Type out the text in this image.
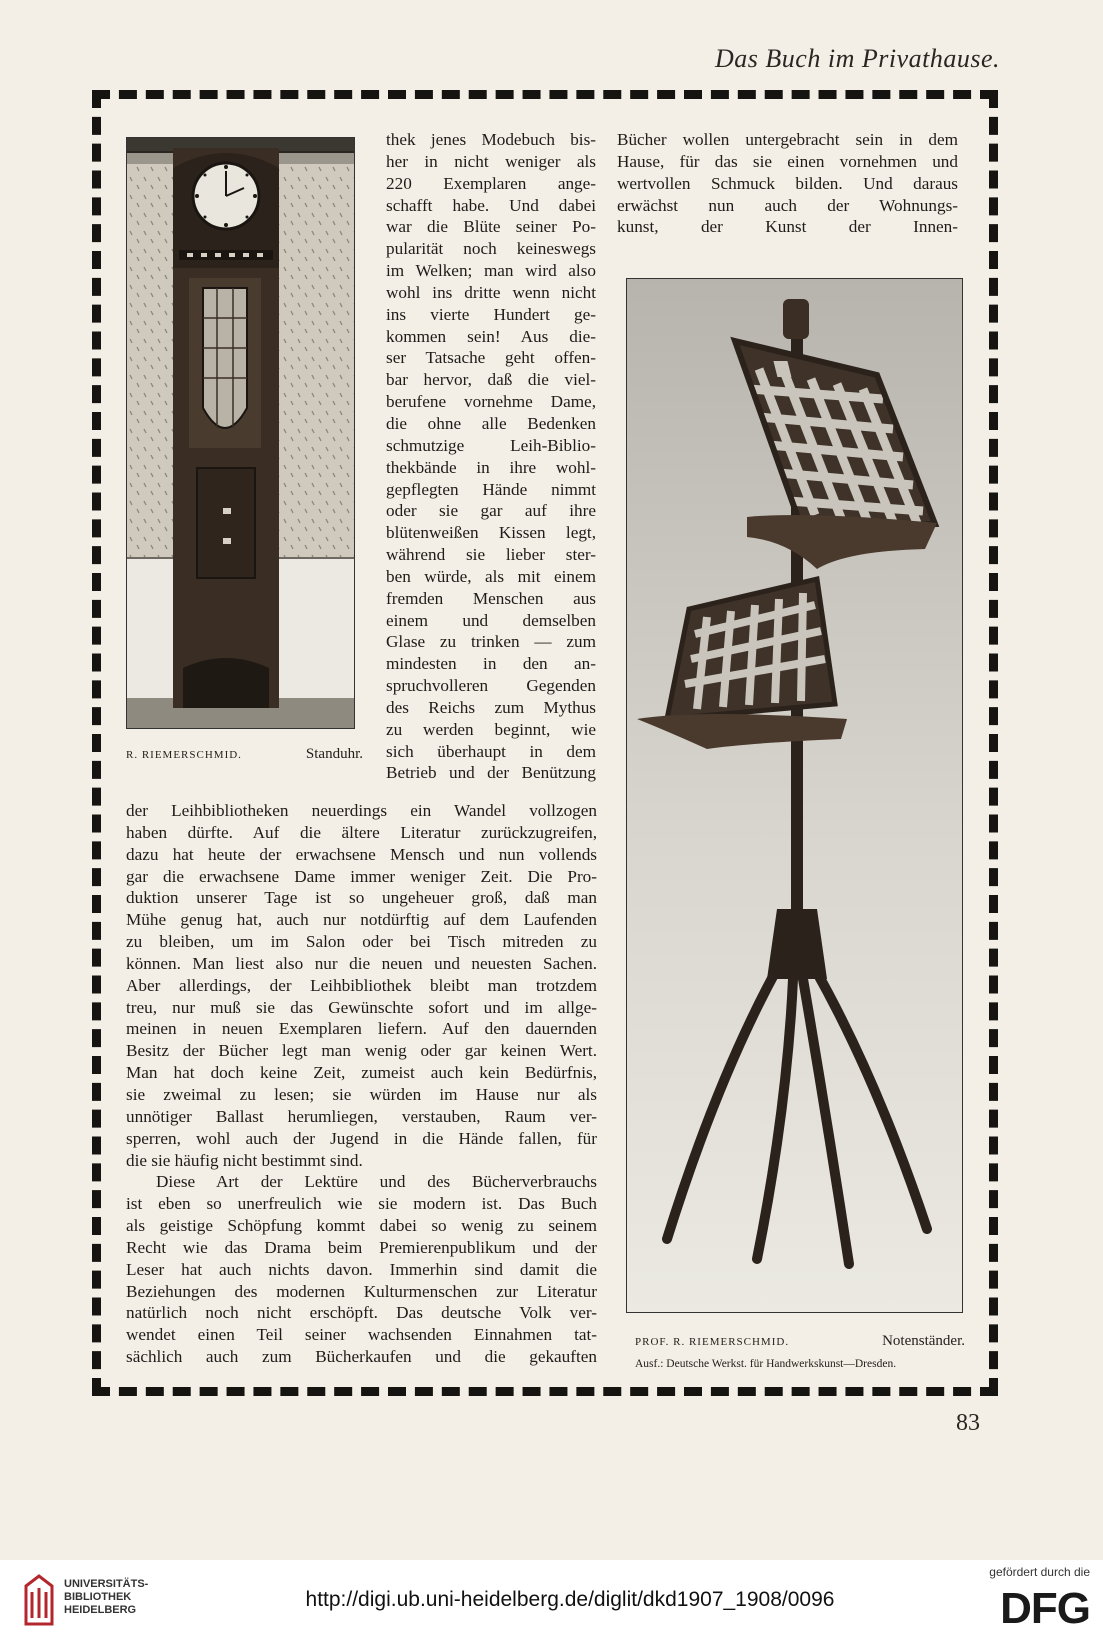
Das Buch im Privathause.
R. RIEMERSCHMID.	Standuhr.
PROF. R. RIEMERSCHMID.	Notenständer.
Ausf.: Deutsche Werkst. für Handwerkskunst—Dresden.
thek jenes Modebuch bis-
her in nicht weniger als
220 Exemplaren ange-
schafft habe. Und dabei
war die Blüte seiner Po-
pularität noch keineswegs
im Welken; man wird also
wohl ins dritte wenn nicht
ins vierte Hundert ge-
kommen sein! Aus die-
ser Tatsache geht offen-
bar hervor, daß die viel-
berufene vornehme Dame,
die ohne alle Bedenken
schmutzige Leih-Biblio-
thekbände in ihre wohl-
gepflegten Hände nimmt
oder sie gar auf ihre
blütenweißen Kissen legt,
während sie lieber ster-
ben würde, als mit einem
fremden Menschen aus
einem und demselben
Glase zu trinken — zum
mindesten in den an-
spruchvolleren Gegenden
des Reichs zum Mythus
zu werden beginnt, wie
sich überhaupt in dem
Betrieb und der Benützung
der Leihbibliotheken neuerdings ein Wandel vollzogen
haben dürfte. Auf die ältere Literatur zurückzugreifen,
dazu hat heute der erwachsene Mensch und nun vollends
gar die erwachsene Dame immer weniger Zeit. Die Pro-
duktion unserer Tage ist so ungeheuer groß, daß man
Mühe genug hat, auch nur notdürftig auf dem Laufenden
zu bleiben, um im Salon oder bei Tisch mitreden zu
können. Man liest also nur die neuen und neuesten Sachen.
Aber allerdings, der Leihbibliothek bleibt man trotzdem
treu, nur muß sie das Gewünschte sofort und im allge-
meinen in neuen Exemplaren liefern. Auf den dauernden
Besitz der Bücher legt man wenig oder gar keinen Wert.
Man hat doch keine Zeit, zumeist auch kein Bedürfnis,
sie zweimal zu lesen; sie würden im Hause nur als
unnötiger Ballast herumliegen, verstauben, Raum ver-
sperren, wohl auch der Jugend in die Hände fallen, für
die sie häufig nicht bestimmt sind.
Diese Art der Lektüre und des Bücherverbrauchs
ist eben so unerfreulich wie sie modern ist. Das Buch
als geistige Schöpfung kommt dabei so wenig zu seinem
Recht wie das Drama beim Premierenpublikum und der
Leser hat auch nichts davon. Immerhin sind damit die
Beziehungen des modernen Kulturmenschen zur Literatur
natürlich noch nicht erschöpft. Das deutsche Volk ver-
wendet einen Teil seiner wachsenden Einnahmen tat-
sächlich auch zum Bücherkaufen und die gekauften
Bücher wollen untergebracht sein in dem
Hause, für das sie einen vornehmen und
wertvollen Schmuck bilden. Und daraus
erwächst nun auch der Wohnungs-
kunst, der Kunst der Innen-
83
UNIVERSITÄTS-
BIBLIOTHEK
HEIDELBERG	http://digi.ub.uni-heidelberg.de/diglit/dkd1907_1908/0096
gefördert durch die
DFG
